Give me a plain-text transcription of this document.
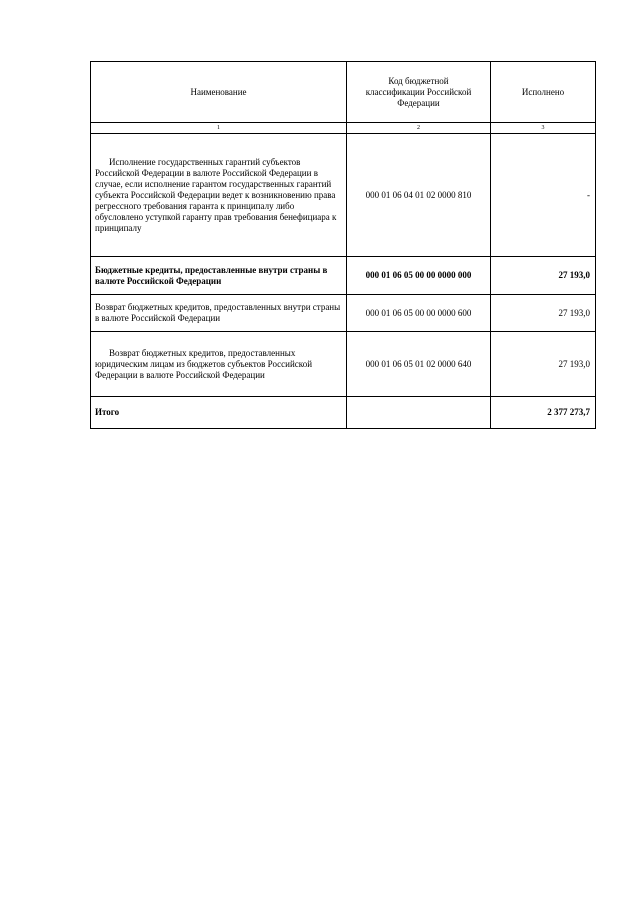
Наименование	Код бюджетной классификации Российской Федерации	Исполнено
1	2	3
Исполнение государственных гарантий субъектов Российской Федерации в валюте Российской Федерации в случае, если исполнение гарантом государственных гарантий субъекта Российской Федерации ведет к возникновению права регрессного требования гаранта к принципалу либо обусловлено уступкой гаранту прав требования бенефициара к принципалу	000 01 06 04 01 02 0000 810	-
Бюджетные кредиты, предоставленные внутри страны в валюте Российской Федерации	000 01 06 05 00 00 0000 000	27 193,0
Возврат бюджетных кредитов, предоставленных внутри страны в валюте Российской Федерации	000 01 06 05 00 00 0000 600	27 193,0
Возврат бюджетных кредитов, предоставленных юридическим лицам из бюджетов субъектов Российской Федерации в валюте Российской Федерации	000 01 06 05 01 02 0000 640	27 193,0
Итого		2 377 273,7
